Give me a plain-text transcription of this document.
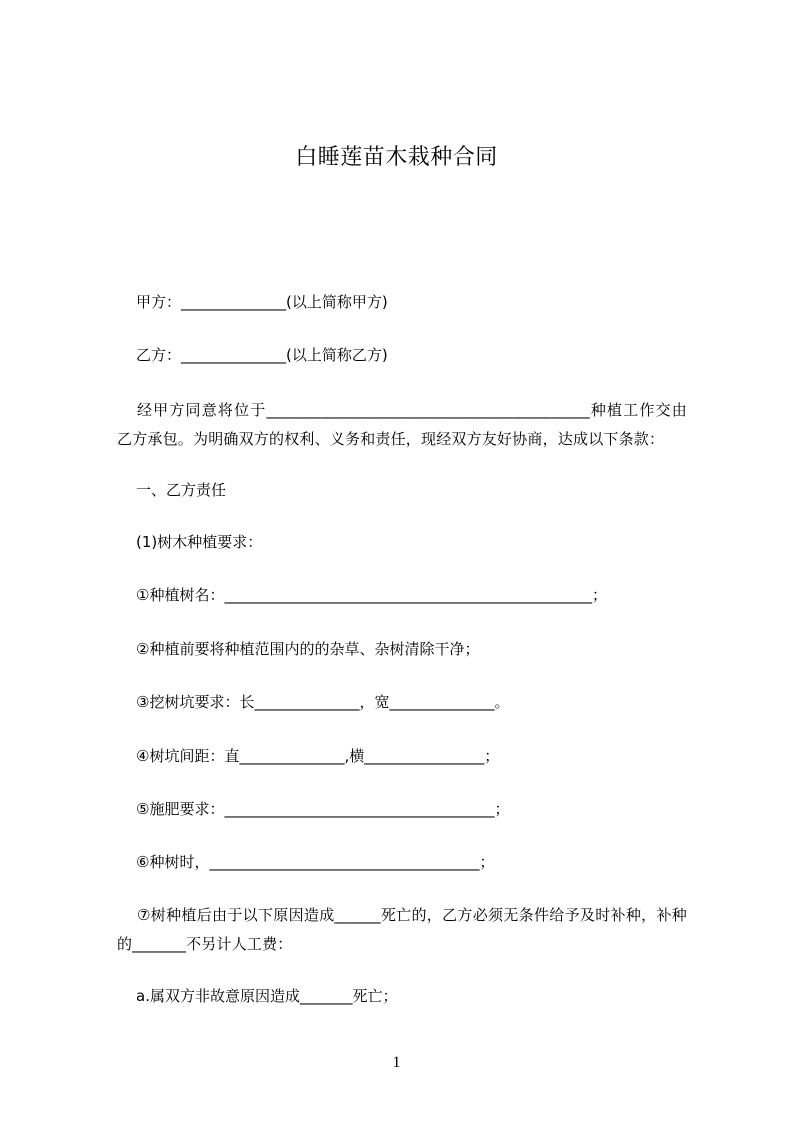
白睡莲苗木栽种合同
甲方：______________(以上简称甲方)
乙方：______________(以上简称乙方)
经甲方同意将位于__________________________________________种植工作交由乙方承包。为明确双方的权利、义务和责任，现经双方友好协商，达成以下条款：
一、乙方责任
(1)树木种植要求：
①种植树名：_________________________________________________；
②种植前要将种植范围内的的杂草、杂树清除干净；
③挖树坑要求：长______________，宽______________。
④树坑间距：直______________,横________________；
⑤施肥要求：____________________________________；
⑥种树时，____________________________________；
⑦树种植后由于以下原因造成______死亡的，乙方必须无条件给予及时补种，补种的_______不另计人工费：
a.属双方非故意原因造成_______死亡；
1
